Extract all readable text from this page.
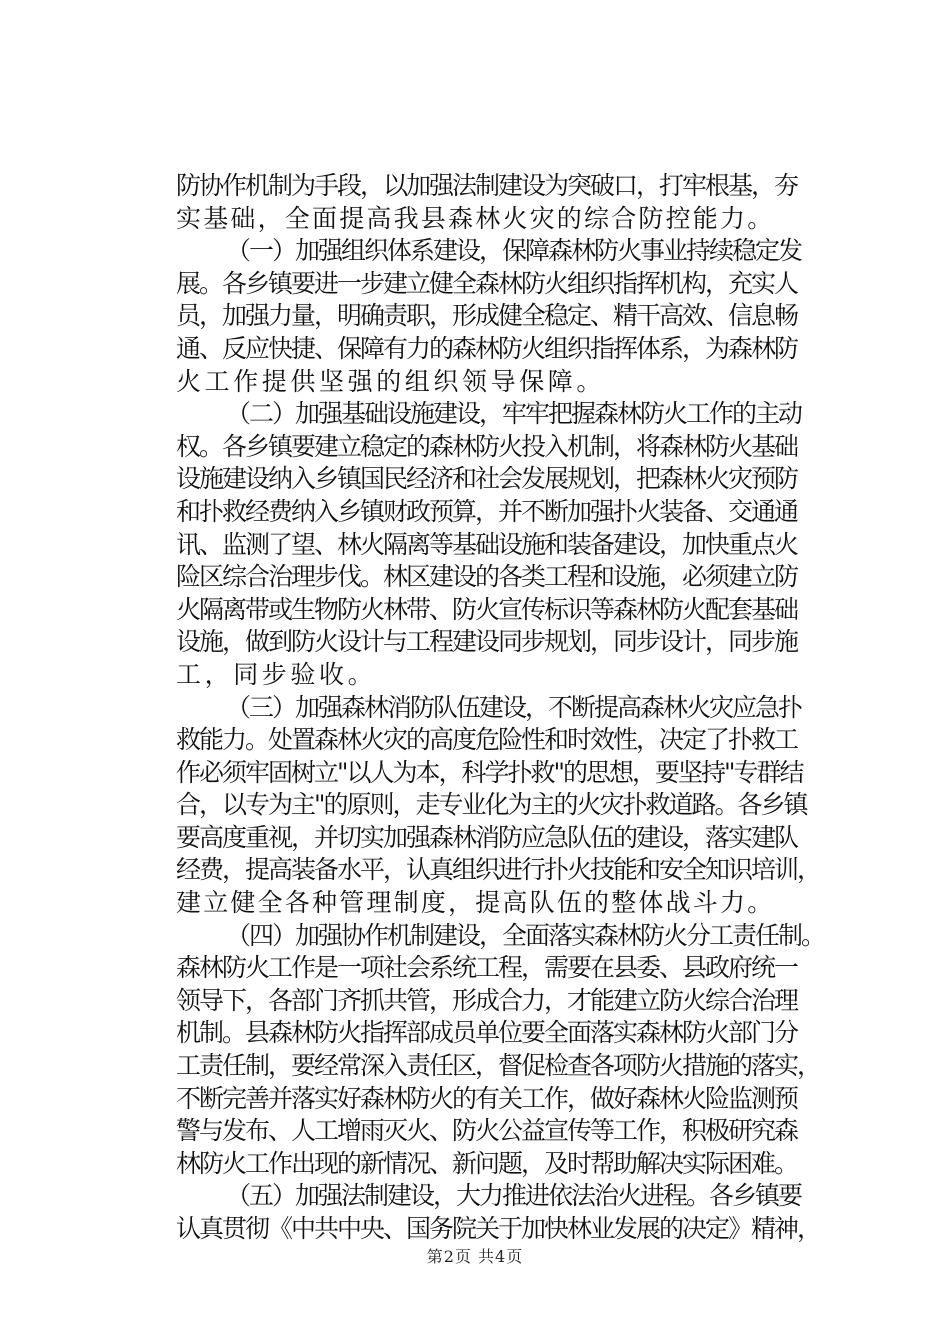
防协作机制为手段，以加强法制建设为突破口，打牢根基，夯
实基础，全面提高我县森林火灾的综合防控能力。
（一）加强组织体系建设，保障森林防火事业持续稳定发
展。各乡镇要进一步建立健全森林防火组织指挥机构，充实人
员，加强力量，明确责职，形成健全稳定、精干高效、信息畅
通、反应快捷、保障有力的森林防火组织指挥体系，为森林防
火工作提供坚强的组织领导保障。
（二）加强基础设施建设，牢牢把握森林防火工作的主动
权。各乡镇要建立稳定的森林防火投入机制，将森林防火基础
设施建设纳入乡镇国民经济和社会发展规划，把森林火灾预防
和扑救经费纳入乡镇财政预算，并不断加强扑火装备、交通通
讯、监测了望、林火隔离等基础设施和装备建设，加快重点火
险区综合治理步伐。林区建设的各类工程和设施，必须建立防
火隔离带或生物防火林带、防火宣传标识等森林防火配套基础
设施，做到防火设计与工程建设同步规划，同步设计，同步施
工，同步验收。
（三）加强森林消防队伍建设，不断提高森林火灾应急扑
救能力。处置森林火灾的高度危险性和时效性，决定了扑救工
作必须牢固树立"以人为本，科学扑救"的思想，要坚持"专群结
合，以专为主"的原则，走专业化为主的火灾扑救道路。各乡镇
要高度重视，并切实加强森林消防应急队伍的建设，落实建队
经费，提高装备水平，认真组织进行扑火技能和安全知识培训，
建立健全各种管理制度，提高队伍的整体战斗力。
（四）加强协作机制建设，全面落实森林防火分工责任制。
森林防火工作是一项社会系统工程，需要在县委、县政府统一
领导下，各部门齐抓共管，形成合力，才能建立防火综合治理
机制。县森林防火指挥部成员单位要全面落实森林防火部门分
工责任制，要经常深入责任区，督促检查各项防火措施的落实，
不断完善并落实好森林防火的有关工作，做好森林火险监测预
警与发布、人工增雨灭火、防火公益宣传等工作，积极研究森
林防火工作出现的新情况、新问题，及时帮助解决实际困难。
（五）加强法制建设，大力推进依法治火进程。各乡镇要
认真贯彻《中共中央、国务院关于加快林业发展的决定》精神，
第2页 共4页
